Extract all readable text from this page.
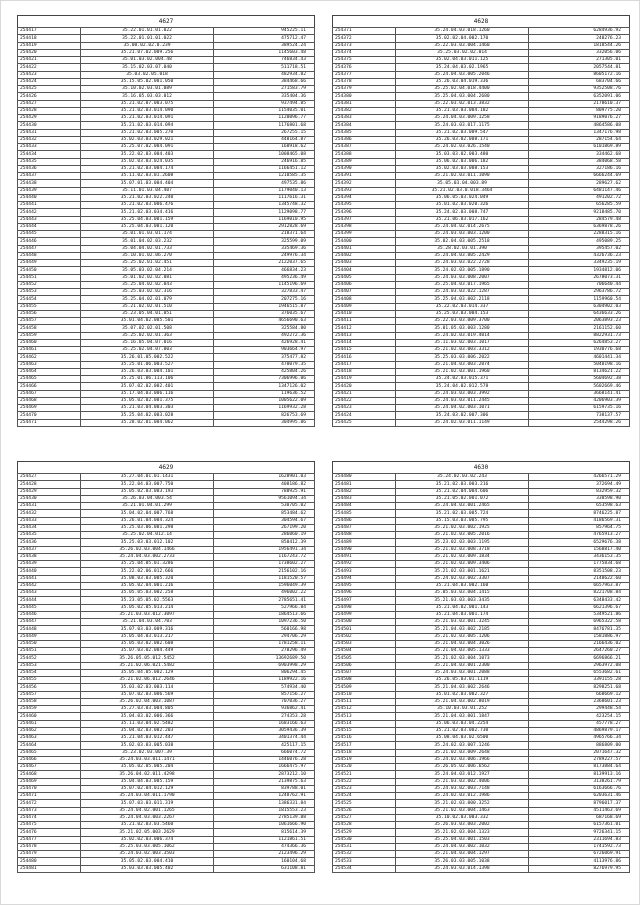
4627
254417	35.22.01.01.01.022	945225.11
254418	35.22.01.01.01.022	475712.47
254419	35.00.02.02.0.239	389524.24
254420	35.21.07.02.009.256	1145603.48
254421	35.01.03.02.004.48	746834.43
254422	35.15.02.03.07.040	511718.51
254423	35.03.02.05.018	482934.82
254424	35.15.05.02.001.050	384468.66
254425	35.10.02.03.01.089	271583.79
254426	35.16.05.03.03.012	335404.36
254427	35.21.02.07.003.075	937494.85
254428	35.21.02.03.014.090	1154035.01
254429	35.21.02.03.014.091	1120096.77
254430	35.21.02.03.014.094	1176801.68
254431	35.21.02.03.005.270	267255.15
254432	35.02.03.03.029.021	448164.87
254433	35.25.07.02.004.091	168918.62
254434	35.22.02.03.004.403	1008465.08
254435	35.02.03.03.024.035	246916.85
254436	35.21.02.03.004.174	1166451.12
254437	35.11.02.03.01.2608	1210585.35
254438	35.07.01.03.004.404	497535.86
254439	35.11.01.03.04.407	1179040.13
254440	35.21.02.03.022.240	1117616.31
254441	35.21.02.03.006.476	1345748.32
254442	35.21.02.03.034.416	1129098.77
254443	35.25.04.03.001.159	1169010.95
254444	35.25.04.03.001.120	2912828.69
254445	35.01.01.03.01.174	218371.64
254446	35.01.04.02.03.232	325599.09
254447	35.04.04.02.01.733	335469.36
254448	35.10.01.02.06.270	249976.34
254449	35.25.02.01.02.451	2122037.65
254450	35.05.03.02.04.214	466834.23
254451	35.01.02.02.02.081	495236.49
254452	35.25.04.02.02.043	1145196.69
254453	35.25.03.02.02.316	327833.47
254454	35.25.04.02.01.079	207275.16
254455	35.21.02.02.01.510	1946515.87
254456	35.23.05.04.01.051	376035.67
254457	35.01.04.02.005.501	4656690.63
254458	35.07.02.02.01.508	325584.80
254459	35.25.02.02.01.363	492272.36
254460	35.16.05.04.07.016	426928.41
254461	35.25.02.04.07.003	903664.97
254462	35.26.01.05.002.522	375477.82
254463	35.25.01.06.003.527	470079.35
254464	35.26.03.03.004.101	425804.26
254465	35.25.01.06.113.106	7306996.06
254466	35.07.02.02.002.401	1347126.02
254467	35.17.04.03.006.116	119636.52
254468	35.05.02.02.001.375	1005622.09
254469	35.21.03.04.003.303	1169932.28
254470	35.25.04.02.003.028	826753.69
254471	35.28.02.01.004.062	304995.86
4628
254371	35.24.04.03.018.1260	6284936.92
254372	35.02.02.04.002.170	248276.23
254373	35.22.03.03.004.1460	1818544.26
254374	35.25.03.02.02.014	332056.06
254375	35.02.04.03.011.125	271305.01
254376	35.24.04.03.02.1965	2057544.81
254377	35.24.04.03.005.2046	8605172.16
254378	35.26.03.04.019.336	683704.66
254379	35.25.02.04.018.4400	9352508.76
254380	35.25.04.03.004.2680	6352091.06
254381	35.22.03.02.013.3832	2178610.37
254382	35.21.03.03.004.182	809775.20
254383	35.24.04.03.009.1258	9189076.27
254384	35.24.03.03.017.1175	4864586.08
254385	35.21.02.03.009.547	1347176.98
254386	35.26.03.02.008.171	287154.64
254387	35.24.02.03.026.1540	6101869.89
254388	35.03.03.02.003.480	334462.68
254389	35.06.02.03.006.182	384068.58
254390	35.02.03.03.008.153	327186.16
254391	35.21.02.03.011.1090	6666244.69
254392	35.05.03.04.003.89	289627.62
254393	35.21.02.03.0.018.3464	6481147.46
254394	35.06.05.03.024.049	491202.72
254395	35.01.02.03.020.326	656285.59
254396	35.24.02.03.008.747	9218485.70
254397	35.21.06.03.017.162	284579.48
254398	35.24.04.02.014.2675	6369878.26
254399	35.24.03.03.003.1200	2288315.16
254400	35.02.04.03.005.2518	495089.25
254401	35.28.02.03.01.390	395457.02
254402	35.24.04.03.005.2429	4326736.23
254403	35.24.03.03.022.2728	3349235.19
254404	35.24.02.03.005.1890	1934812.06
254405	35.24.03.03.008.2007	2678073.31
254406	35.25.04.03.017.1965	706640.44
254407	35.24.03.03.022.1287	2963786.72
254408	35.25.04.03.002.2118	1159960.54
254409	35.22.02.03.014.337	6304902.03
254410	35.25.03.03.004.153	6436633.26
254411	35.22.03.03.009.3700	2063893.23
254412	35.01.05.03.003.1280	2161152.60
254413	35.24.02.03.019.4014	8822931.73
254414	35.11.03.02.003.1017	6264853.27
254415	35.21.02.03.003.3312	1930776.68
254416	35.25.03.03.006.2022	4601441.34
254417	35.21.04.03.003.2074	5040198.16
254418	35.21.02.03.001.1960	8134621.22
254419	35.24.02.03.015.371	5604692.38
254420	35.24.04.02.012.578	5602669.46
254421	35.24.03.03.003.3992	3668141.41
254422	35.24.03.03.011.2445	4206903.39
254423	35.24.04.02.003.1071	6159735.16
254424	35.24.03.02.007.306	738137.57
254425	35.24.02.03.011.1149	2544298.26
4629
254427	35.27.04.01.01.1431	1628901.03
254428	35.22.04.03.007.750	408186.82
254429	35.05.02.03.003.193	788925.91
254430	35.26.03.04.003.54	9561094.34
254431	35.21.01.04.01.299	530705.02
254432	35.04.02.04.007.768	853484.62
254433	35.26.01.04.004.324	304594.67
254434	35.25.03.06.001.298	267199.20
254435	35.25.02.04.012.14	286060.19
254436	35.25.03.03.012.102	850412.39
254437	35.26.02.03.004.1466	1956491.34
254438	35.24.04.03.002.2733	1167243.72
254439	35.25.04.05.01.3286	1738602.27
254440	35.22.02.06.012.666	2156102.16
254441	35.08.03.03.005.320	1181520.57
254442	35.05.02.04.001.216	1596049.39
254443	35.05.05.03.002.258	496002.22
254444	35.23.05.05.02.5563	2785651.41
254445	35.05.02.05.013.214	527966.84
254446	35.21.03.03.012.3097	1864513.66
254447	35.21.04.03.04.703	1097236.50
254448	35.07.03.03.009.316	560166.98
254449	35.05.04.03.013.217	294706.29
254450	35.05.03.02.002.608	1781258.11
254451	35.07.03.02.004.449	278296.49
254452	35.26.05.05.012.5452	13692689.50
254453	35.21.02.06.021.5482	6903998.29
254454	35.05.04.05.002.129	806294.45
254455	35.21.02.06.012.2646	1189922.16
254456	35.03.02.03.003.114	574934.40
254457	35.07.02.03.006.569	857156.27
254458	35.26.02.04.003.1087	707036.27
254459	35.27.03.03.004.805	936862.41
254460	35.04.03.02.006.366	274353.28
254461	35.11.03.04.02.5482	1683166.63
254462	35.04.02.03.002.203	3059436.39
254463	35.21.04.03.012.447	3401374.44
254464	35.02.03.03.005.038	425117.15
254465	35.23.02.03.007.39	666074.72
254466	35.24.03.03.011.1471	1446076.28
254467	35.05.02.05.005.204	1666475.97
254468	35.26.04.02.011.4298	2873212.10
254469	35.04.04.03.005.159	2139875.63
254470	35.07.02.04.012.129	839788.01
254471	35.24.03.04.011.1790	1248762.91
254472	35.07.03.03.011.319	1386331.84
254473	35.24.04.02.001.1265	1815553.23
254474	35.24.04.03.003.2267	2785139.88
254475	35.21.02.03.03.5460	1061666.90
254476	35.21.02.05.003.2629	815614.39
254477	35.02.02.03.006.374	1121861.51
254478	35.25.03.03.005.1062	474366.36
254479	35.24.03.02.003.3503	2123496.29
254480	35.05.02.03.004.410	160104.68
254481	35.03.03.03.005.402	631108.81
4630
254480	35.24.02.03.02.243	4266571.29
254481	35.21.02.03.003.216	372694.49
254482	35.21.02.04.004.606	832959.32
254483	35.21.05.02.001.072	338598.90
254484	35.24.04.03.001.2465	653598.63
254485	35.21.02.03.005.724	8746225.87
254486	35.15.03.03.005.795	4186569.31
254487	35.21.02.03.002.1925	857964.75
254488	35.21.02.03.005.2016	4765913.27
254489	35.23.02.03.003.1195	6529676.38
254490	35.21.02.03.008.3718	1568817.40
254491	35.21.02.03.009.1834	3436153.35
254492	35.21.02.03.009.3406	1775834.68
254493	35.21.02.03.001.1621	8351508.23
254494	35.24.02.03.002.3307	2148622.60
254495	35.21.04.03.002.160	6657963.87
254496	35.05.03.03.004.1415	8221708.84
254497	35.21.03.03.003.3435	6348433.42
254498	35.21.04.02.001.143	6621396.67
254499	35.21.04.03.001.174	5349521.86
254500	35.21.03.03.001.3245	6965322.58
254501	35.21.04.03.002.2185	8476781.35
254502	35.21.02.03.005.1206	1581886.97
254503	35.21.04.03.004.3026	2166436.02
254504	35.21.04.03.005.1333	2647260.27
254505	35.21.02.03.004.1073	6696866.21
254506	35.21.04.03.001.2300	2963972.08
254507	35.24.03.03.001.2088	6553682.61
254508	35.26.05.03.01.1119	3391155.28
254509	35.21.04.03.002.2646	8298251.68
254510	35.01.02.03.002.327	668669.12
254511	35.21.04.03.002.8019	2368601.23
254512	35.10.03.03.01.252	299448.54
254513	35.21.04.03.001.1847	423254.15
254514	35.06.03.03.04.2254	457778.27
254515	35.21.02.03.002.730	4869879.17
254516	35.08.04.03.02.6500	4965766.34
254517	35.24.02.03.007.1246	886809.00
254518	35.21.02.03.009.2648	2071647.32
254519	35.24.02.03.006.1966	2789227.57
254520	35.26.05.02.006.6562	8173884.64
254521	35.24.04.03.012.1927	8139913.16
254522	35.21.03.03.002.4006	3138261.79
254523	35.24.03.02.003.7148	6163666.76
254524	35.24.02.03.012.1986	6203631.46
254525	35.21.02.03.000.3252	8796017.37
254526	35.21.02.03.004.1463	4511463.69
254527	35.10.02.03.003.332	687168.69
254528	35.26.03.03.003.2002	6157361.01
254529	35.21.02.03.004.1323	9726341.15
254530	35.25.04.03.001.1503	2311694.83
254531	35.24.04.03.002.1032	1741592.73
254532	35.21.04.03.004.1297	6726069.91
254533	35.26.03.03.005.1038	4113976.86
254534	35.24.03.03.014.1398	8276979.95
